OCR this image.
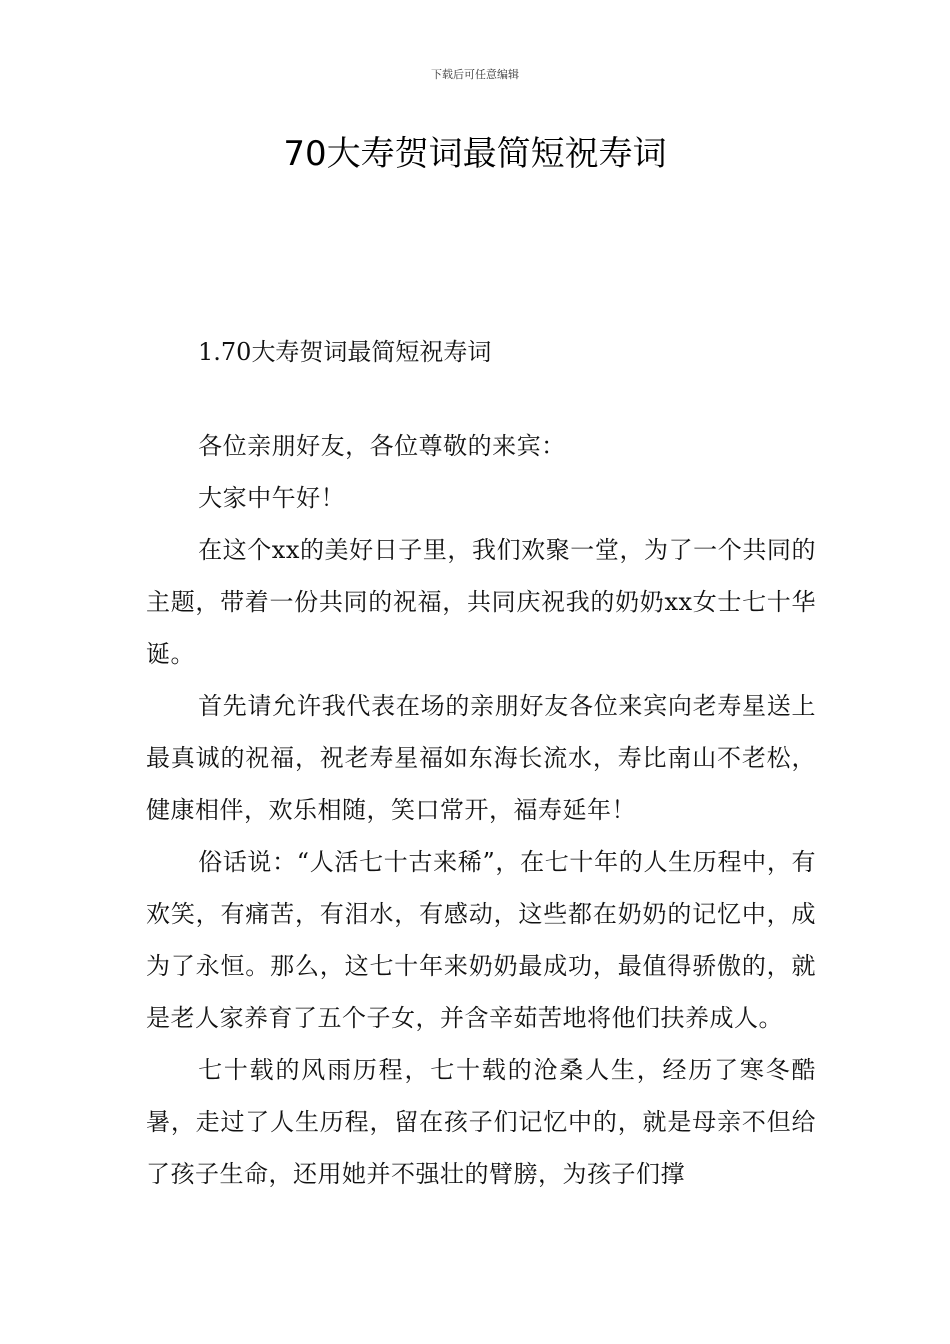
下载后可任意编辑
70大寿贺词最简短祝寿词
1.70大寿贺词最简短祝寿词

各位亲朋好友，各位尊敬的来宾：

大家中午好！

在这个xx的美好日子里，我们欢聚一堂，为了一个共同的主题，带着一份共同的祝福，共同庆祝我的奶奶xx女士七十华诞。

首先请允许我代表在场的亲朋好友各位来宾向老寿星送上最真诚的祝福，祝老寿星福如东海长流水，寿比南山不老松，健康相伴，欢乐相随，笑口常开，福寿延年！

俗话说：“人活七十古来稀”，在七十年的人生历程中，有欢笑，有痛苦，有泪水，有感动，这些都在奶奶的记忆中，成为了永恒。那么，这七十年来奶奶最成功，最值得骄傲的，就是老人家养育了五个子女，并含辛茹苦地将他们扶养成人。

七十载的风雨历程，七十载的沧桑人生，经历了寒冬酷暑，走过了人生历程，留在孩子们记忆中的，就是母亲不但给了孩子生命，还用她并不强壮的臂膀，为孩子们撑
